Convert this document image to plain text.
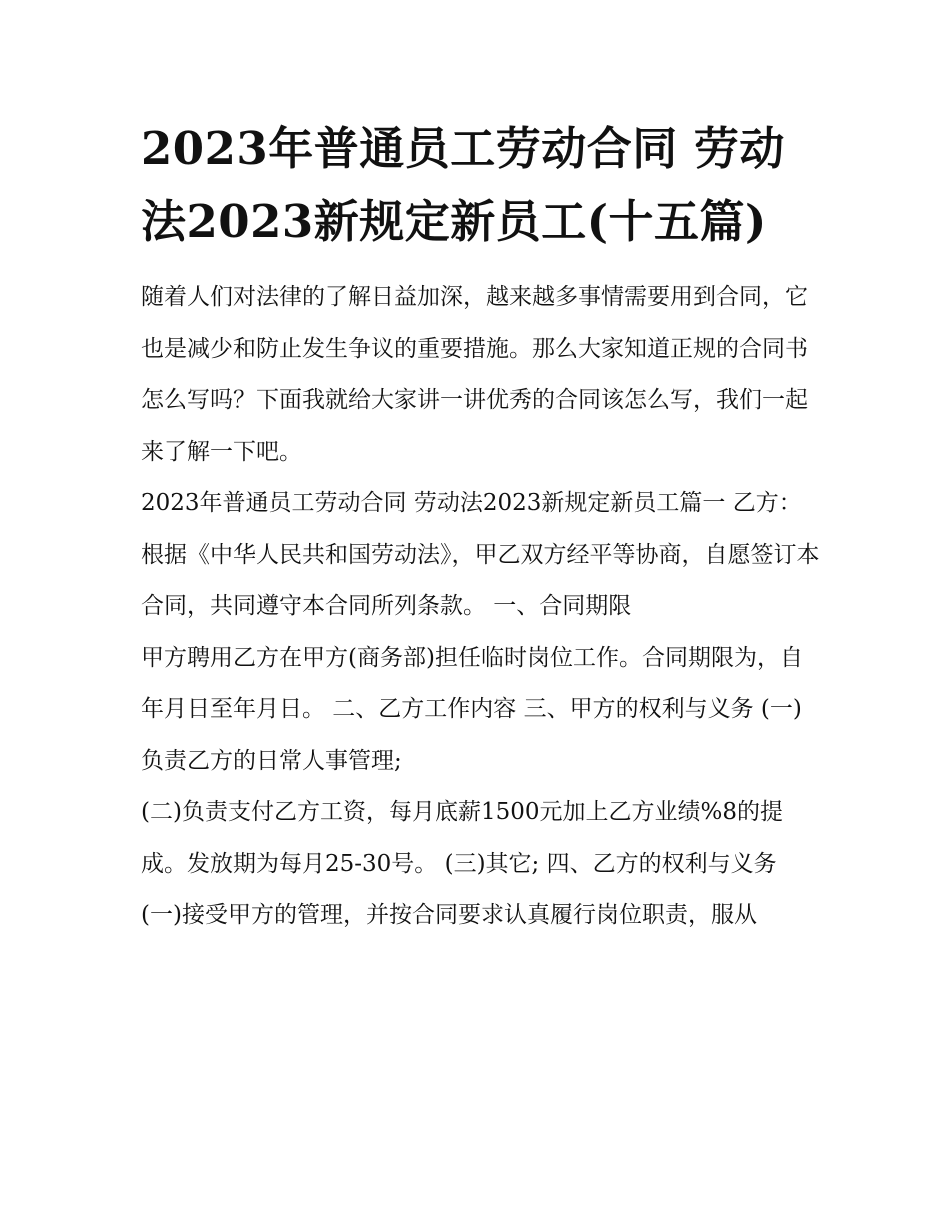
2023年普通员工劳动合同 劳动法2023新规定新员工(十五篇)

随着人们对法律的了解日益加深，越来越多事情需要用到合同，它也是减少和防止发生争议的重要措施。那么大家知道正规的合同书怎么写吗？下面我就给大家讲一讲优秀的合同该怎么写，我们一起来了解一下吧。

2023年普通员工劳动合同 劳动法2023新规定新员工篇一 乙方：

根据《中华人民共和国劳动法》，甲乙双方经平等协商，自愿签订本合同，共同遵守本合同所列条款。 一、合同期限

甲方聘用乙方在甲方(商务部)担任临时岗位工作。合同期限为，自年月日至年月日。 二、乙方工作内容 三、甲方的权利与义务 (一)负责乙方的日常人事管理;

(二)负责支付乙方工资，每月底薪1500元加上乙方业绩%8的提成。发放期为每月25-30号。 (三)其它; 四、乙方的权利与义务

(一)接受甲方的管理，并按合同要求认真履行岗位职责，服从
